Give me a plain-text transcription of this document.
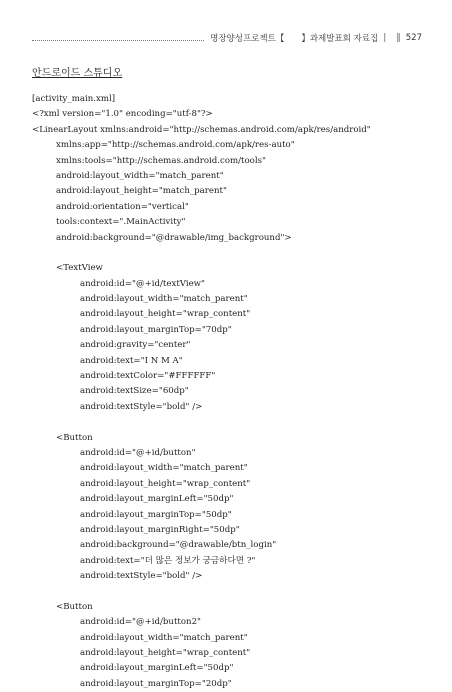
명장양성프로젝트【　　】과제발표회 자료집 | ‖ 527
안드로이드 스튜디오
[activity_main.xml]
<?xml version="1.0" encoding="utf-8"?>
<LinearLayout xmlns:android="http://schemas.android.com/apk/res/android"
xmlns:app="http://schemas.android.com/apk/res-auto"
xmlns:tools="http://schemas.android.com/tools"
android:layout_width="match_parent"
android:layout_height="match_parent"
android:orientation="vertical"
tools:context=".MainActivity"
android:background="@drawable/img_background">
<TextView
android:id="@+id/textView"
android:layout_width="match_parent"
android:layout_height="wrap_content"
android:layout_marginTop="70dp"
android:gravity="center"
android:text="I N M A"
android:textColor="#FFFFFF"
android:textSize="60dp"
android:textStyle="bold" />
<Button
android:id="@+id/button"
android:layout_width="match_parent"
android:layout_height="wrap_content"
android:layout_marginLeft="50dp"
android:layout_marginTop="50dp"
android:layout_marginRight="50dp"
android:background="@drawable/btn_login"
android:text="더 많은 정보가 궁금하다면 ?"
android:textStyle="bold" />
<Button
android:id="@+id/button2"
android:layout_width="match_parent"
android:layout_height="wrap_content"
android:layout_marginLeft="50dp"
android:layout_marginTop="20dp"
